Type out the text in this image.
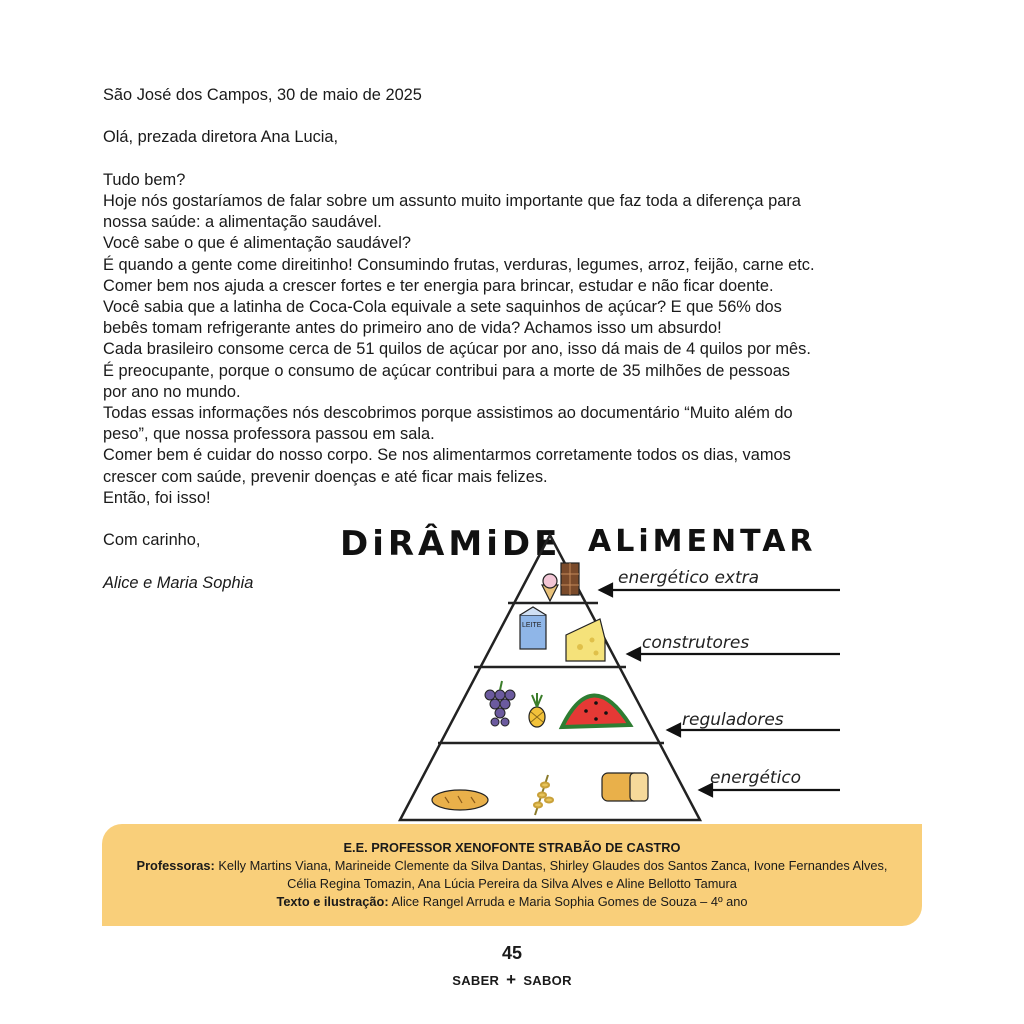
São José dos Campos, 30 de maio de 2025

Olá, prezada diretora Ana Lucia,

Tudo bem?

Hoje nós gostaríamos de falar sobre um assunto muito importante que faz toda a diferença para

nossa saúde: a alimentação saudável.

Você sabe o que é alimentação saudável?

É quando a gente come direitinho! Consumindo frutas, verduras, legumes, arroz, feijão, carne etc.

Comer bem nos ajuda a crescer fortes e ter energia para brincar, estudar e não ficar doente.

Você sabia que a latinha de Coca-Cola equivale a sete saquinhos de açúcar? E que 56% dos

bebês tomam refrigerante antes do primeiro ano de vida? Achamos isso um absurdo!

Cada brasileiro consome cerca de 51 quilos de açúcar por ano, isso dá mais de 4 quilos por mês.

É preocupante, porque o consumo de açúcar contribui para a morte de 35 milhões de pessoas

por ano no mundo.

Todas essas informações nós descobrimos porque assistimos ao documentário “Muito além do

peso”, que nossa professora passou em sala.

Comer bem é cuidar do nosso corpo. Se nos alimentarmos corretamente todos os dias, vamos

crescer com saúde, prevenir doenças e até ficar mais felizes.

Então, foi isso!

Com carinho,

Alice e Maria Sophia

DiRÂMiDE ALiMENTAR
LEITE
energético extra
construtores
reguladores
energético
E.E. PROFESSOR XENOFONTE STRABÃO DE CASTRO
Professoras: Kelly Martins Viana, Marineide Clemente da Silva Dantas, Shirley Glaudes dos Santos Zanca, Ivone Fernandes Alves,
Célia Regina Tomazin, Ana Lúcia Pereira da Silva Alves e Aline Bellotto Tamura
Texto e ilustração: Alice Rangel Arruda e Maria Sophia Gomes de Souza – 4º ano
45
SABER + SABOR
